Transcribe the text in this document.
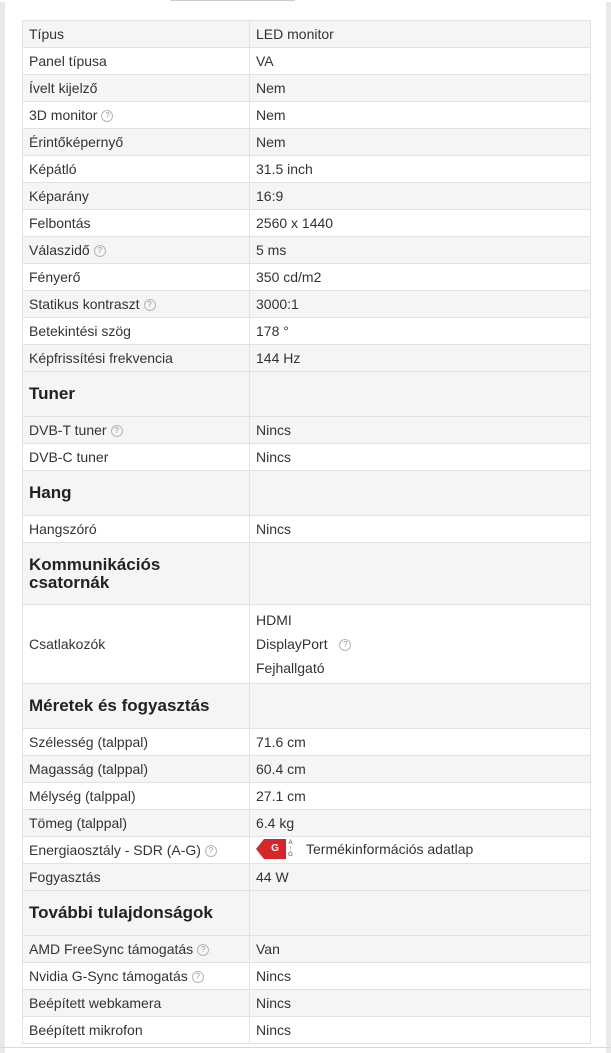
Típus	LED monitor
Panel típusa	VA
Ívelt kijelző	Nem
3D monitor ?	Nem
Érintőképernyő	Nem
Képátló	31.5 inch
Képarány	16:9
Felbontás	2560 x 1440
Válaszidő ?	5 ms
Fényerő	350 cd/m2
Statikus kontraszt ?	3000:1
Betekintési szög	178 °
Képfrissítési frekvencia	144 Hz
Tuner	
DVB-T tuner ?	Nincs
DVB-C tuner	Nincs
Hang	
Hangszóró	Nincs
Kommunikációs
csatornák	
Csatlakozók	HDMI
DisplayPort ?
Fejhallgató

Méretek és fogyasztás	
Szélesség (talppal)	71.6 cm
Magasság (talppal)	60.4 cm
Mélység (talppal)	27.1 cm
Tömeg (talppal)	6.4 kg
Energiaosztály - SDR (A-G) ?	G A
↑
G Termékinformációs adatlap

Fogyasztás	44 W
További tulajdonságok	
AMD FreeSync támogatás ?	Van
Nvidia G-Sync támogatás ?	Nincs
Beépített webkamera	Nincs
Beépített mikrofon	Nincs
